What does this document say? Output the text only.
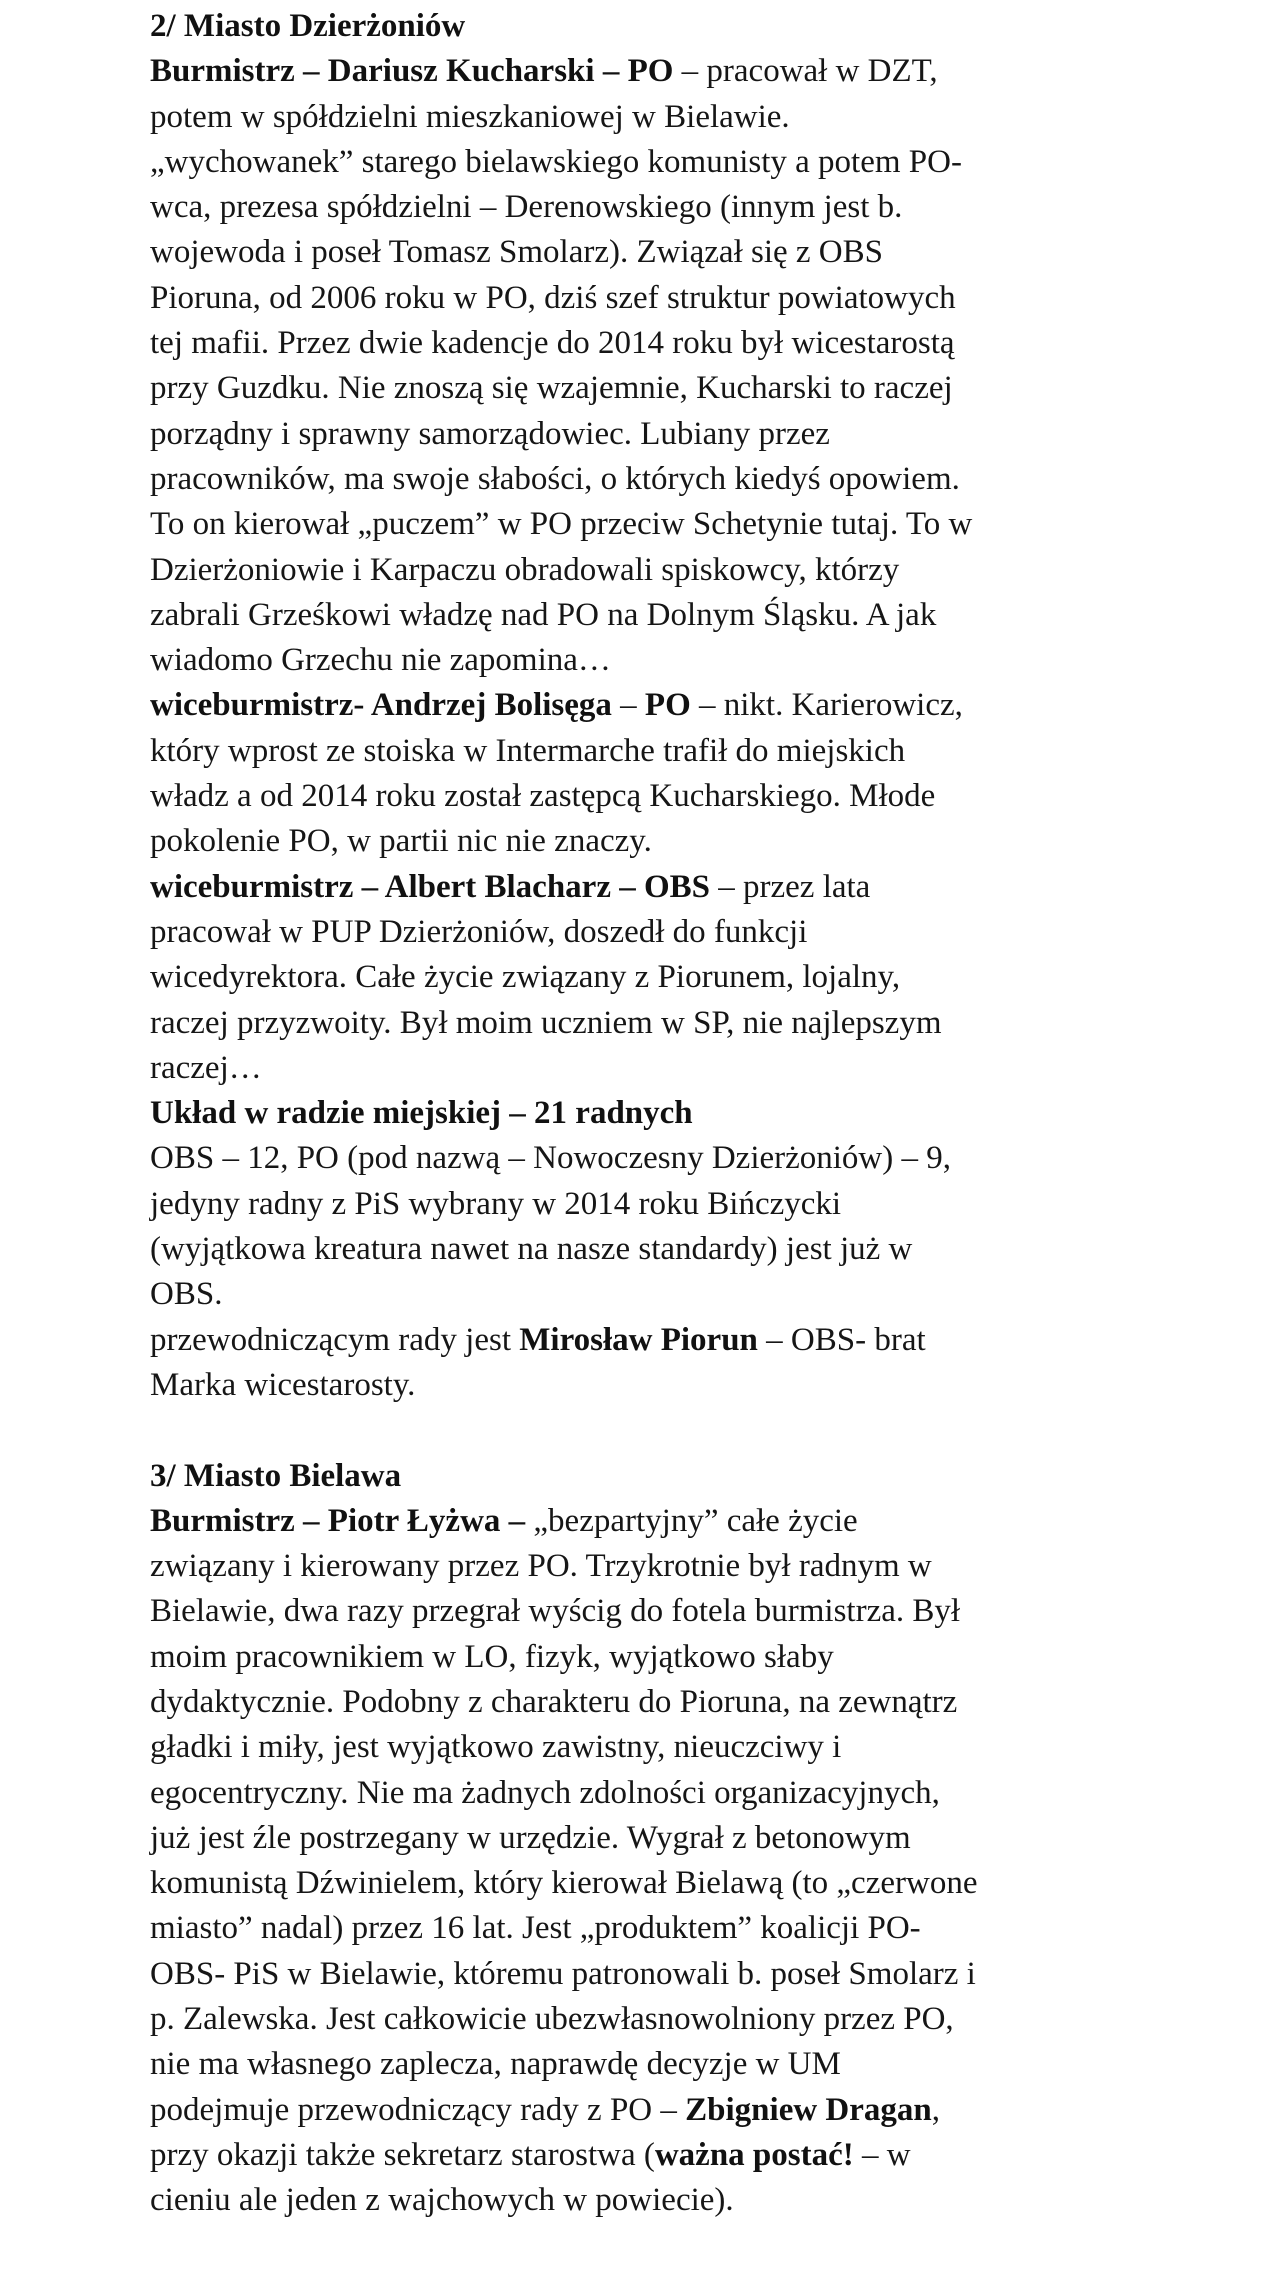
2/ Miasto Dzierżoniów
Burmistrz – Dariusz Kucharski – PO – pracował w DZT,
potem w spółdzielni mieszkaniowej w Bielawie.
„wychowanek” starego bielawskiego komunisty a potem PO-
wca, prezesa spółdzielni – Derenowskiego (innym jest b.
wojewoda i poseł Tomasz Smolarz). Związał się z OBS
Pioruna, od 2006 roku w PO, dziś szef struktur powiatowych
tej mafii. Przez dwie kadencje do 2014 roku był wicestarostą
przy Guzdku. Nie znoszą się wzajemnie, Kucharski to raczej
porządny i sprawny samorządowiec. Lubiany przez
pracowników, ma swoje słabości, o których kiedyś opowiem.
To on kierował „puczem” w PO przeciw Schetynie tutaj. To w
Dzierżoniowie i Karpaczu obradowali spiskowcy, którzy
zabrali Grześkowi władzę nad PO na Dolnym Śląsku. A jak
wiadomo Grzechu nie zapomina…
wiceburmistrz- Andrzej Bolisęga – PO – nikt. Karierowicz,
który wprost ze stoiska w Intermarche trafił do miejskich
władz a od 2014 roku został zastępcą Kucharskiego. Młode
pokolenie PO, w partii nic nie znaczy.
wiceburmistrz – Albert Blacharz – OBS – przez lata
pracował w PUP Dzierżoniów, doszedł do funkcji
wicedyrektora. Całe życie związany z Piorunem, lojalny,
raczej przyzwoity. Był moim uczniem w SP, nie najlepszym
raczej…
Układ w radzie miejskiej – 21 radnych
OBS – 12, PO (pod nazwą – Nowoczesny Dzierżoniów) – 9,
jedyny radny z PiS wybrany w 2014 roku Bińczycki
(wyjątkowa kreatura nawet na nasze standardy) jest już w
OBS.
przewodniczącym rady jest Mirosław Piorun – OBS- brat
Marka wicestarosty.
3/ Miasto Bielawa
Burmistrz – Piotr Łyżwa – „bezpartyjny” całe życie
związany i kierowany przez PO. Trzykrotnie był radnym w
Bielawie, dwa razy przegrał wyścig do fotela burmistrza. Był
moim pracownikiem w LO, fizyk, wyjątkowo słaby
dydaktycznie. Podobny z charakteru do Pioruna, na zewnątrz
gładki i miły, jest wyjątkowo zawistny, nieuczciwy i
egocentryczny. Nie ma żadnych zdolności organizacyjnych,
już jest źle postrzegany w urzędzie. Wygrał z betonowym
komunistą Dźwinielem, który kierował Bielawą (to „czerwone
miasto” nadal) przez 16 lat. Jest „produktem” koalicji PO-
OBS- PiS w Bielawie, któremu patronowali b. poseł Smolarz i
p. Zalewska. Jest całkowicie ubezwłasnowolniony przez PO,
nie ma własnego zaplecza, naprawdę decyzje w UM
podejmuje przewodniczący rady z PO – Zbigniew Dragan,
przy okazji także sekretarz starostwa (ważna postać! – w
cieniu ale jeden z wajchowych w powiecie).
